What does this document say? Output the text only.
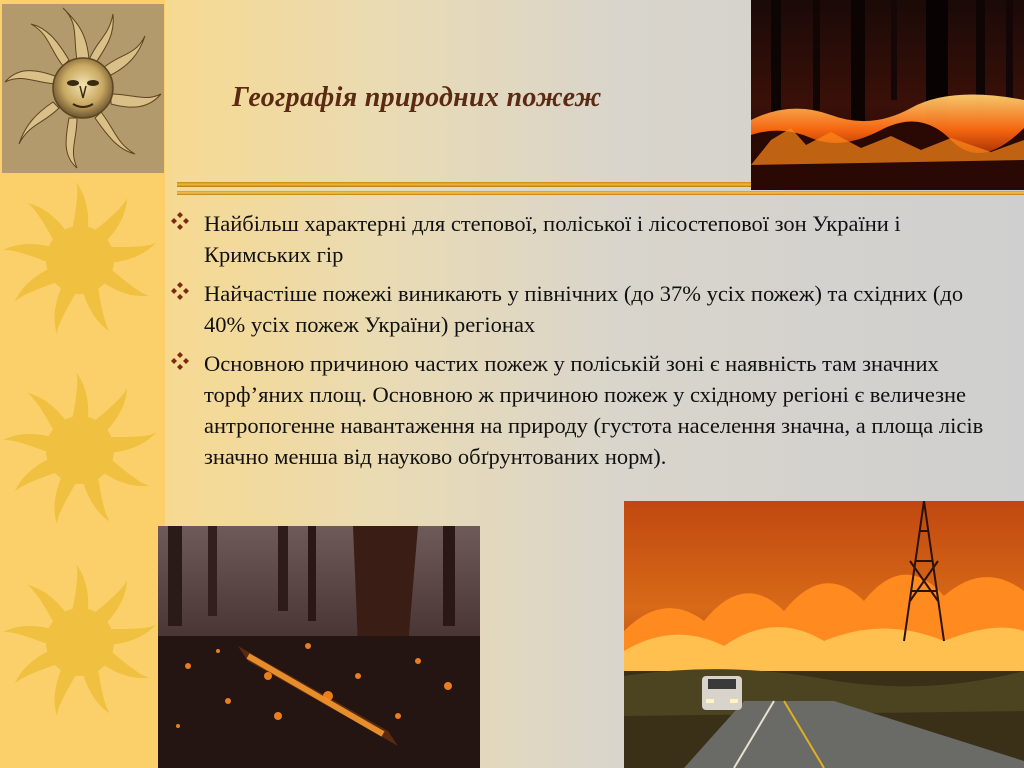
Географія природних пожеж
Найбільш характерні для степової, поліської і лісостепової зон України і Кримських гір
Найчастіше пожежі виникають у північних (до 37% усіх пожеж) та східних (до 40% усіх пожеж України) регіонах
Основною причиною частих пожеж у поліській зоні є наявність там значних торф’яних площ. Основною ж причиною пожеж у східному регіоні є величезне антропогенне навантаження на природу (густота населення значна, а площа лісів значно менша від науково обґрунтованих норм).
